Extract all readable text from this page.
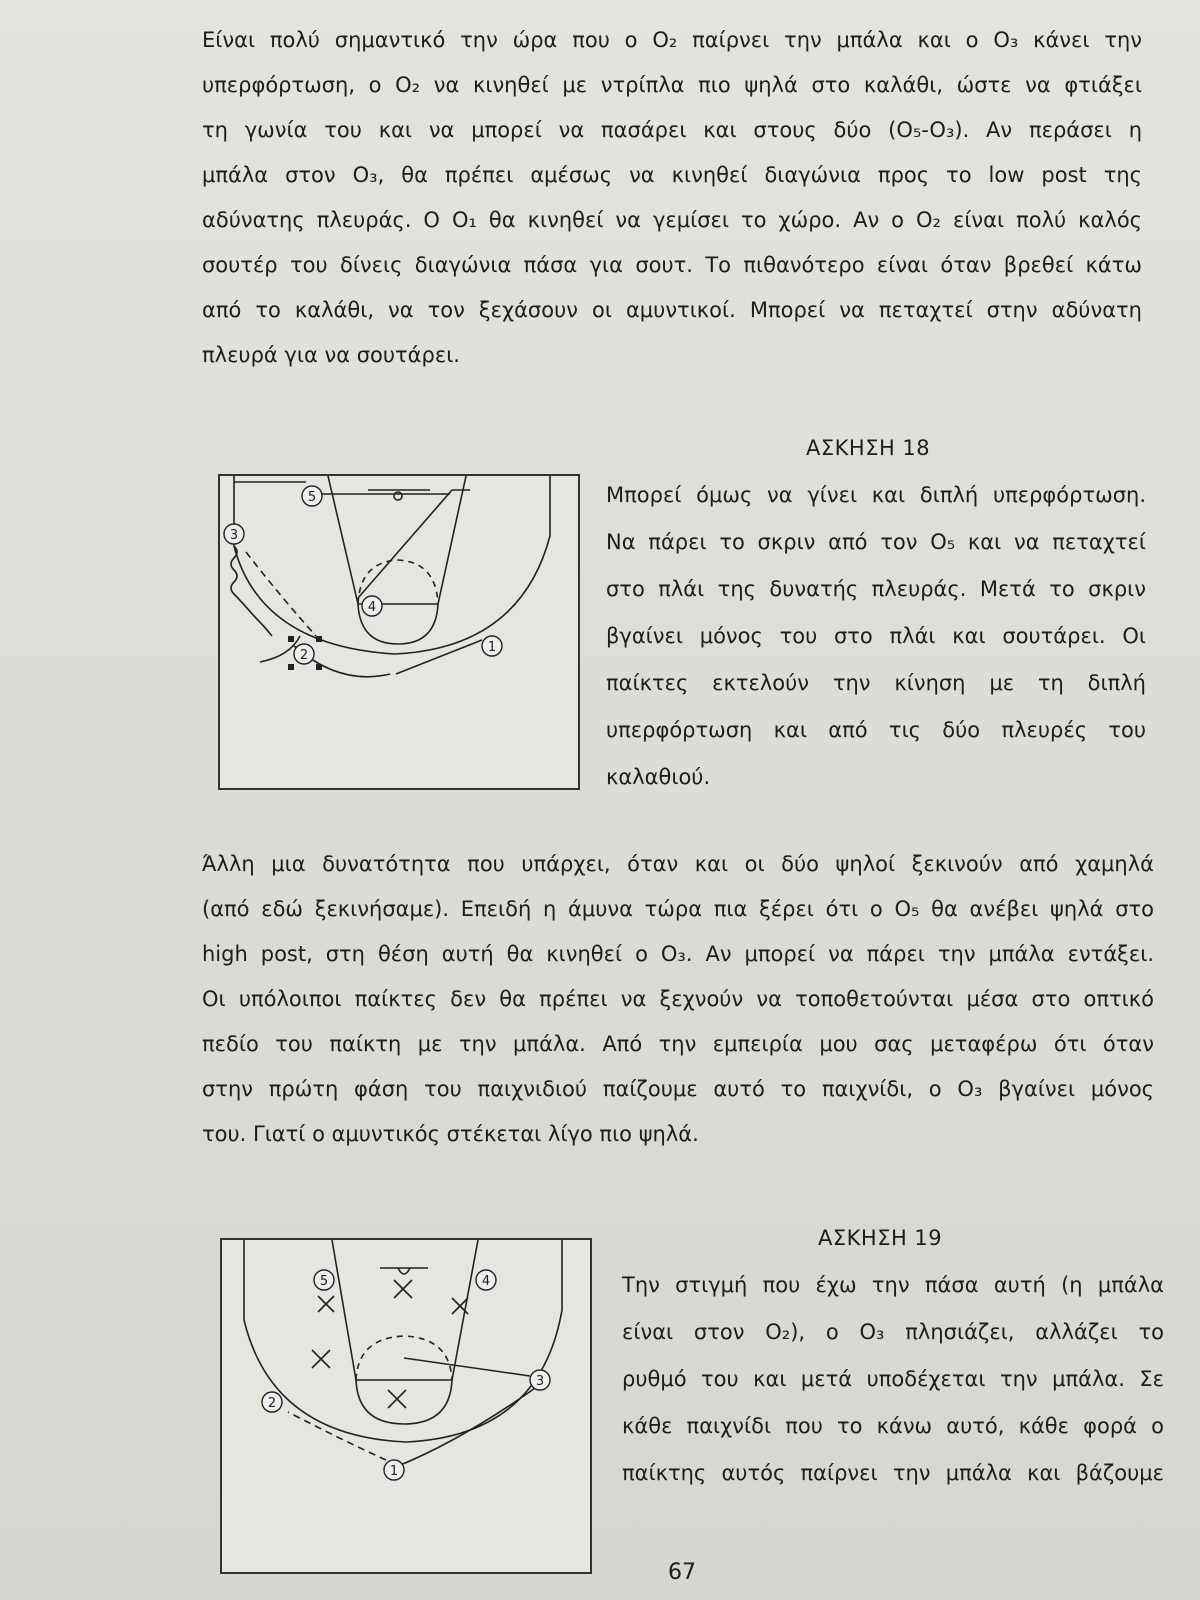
Είναι πολύ σημαντικό την ώρα που ο O₂ παίρνει την μπάλα και ο O₃ κάνει την
υπερφόρτωση, ο O₂ να κινηθεί με ντρίπλα πιο ψηλά στο καλάθι, ώστε να φτιάξει
τη γωνία του και να μπορεί να πασάρει και στους δύο (O₅-O₃). Αν περάσει η
μπάλα στον O₃, θα πρέπει αμέσως να κινηθεί διαγώνια προς το low post της
αδύνατης πλευράς. Ο O₁ θα κινηθεί να γεμίσει το χώρο. Αν ο O₂ είναι πολύ καλός
σουτέρ του δίνεις διαγώνια πάσα για σουτ. Το πιθανότερο είναι όταν βρεθεί κάτω
από το καλάθι, να τον ξεχάσουν οι αμυντικοί. Μπορεί να πεταχτεί στην αδύνατη
πλευρά για να σουτάρει.
ΑΣΚΗΣΗ 18
5
3
4
1
2
Μπορεί όμως να γίνει και διπλή υπερφόρτωση.
Να πάρει το σκριν από τον O₅ και να πεταχτεί
στο πλάι της δυνατής πλευράς. Μετά το σκριν
βγαίνει μόνος του στο πλάι και σουτάρει. Οι
παίκτες εκτελούν την κίνηση με τη διπλή
υπερφόρτωση και από τις δύο πλευρές του
καλαθιού.
Άλλη μια δυνατότητα που υπάρχει, όταν και οι δύο ψηλοί ξεκινούν από χαμηλά
(από εδώ ξεκινήσαμε). Επειδή η άμυνα τώρα πια ξέρει ότι ο O₅ θα ανέβει ψηλά στο
high post, στη θέση αυτή θα κινηθεί ο O₃. Αν μπορεί να πάρει την μπάλα εντάξει.
Οι υπόλοιποι παίκτες δεν θα πρέπει να ξεχνούν να τοποθετούνται μέσα στο οπτικό
πεδίο του παίκτη με την μπάλα. Από την εμπειρία μου σας μεταφέρω ότι όταν
στην πρώτη φάση του παιχνιδιού παίζουμε αυτό το παιχνίδι, ο O₃ βγαίνει μόνος
του. Γιατί ο αμυντικός στέκεται λίγο πιο ψηλά.
ΑΣΚΗΣΗ 19
5	4
3
2
1
Την στιγμή που έχω την πάσα αυτή (η μπάλα
είναι στον O₂), ο O₃ πλησιάζει, αλλάζει το
ρυθμό του και μετά υποδέχεται την μπάλα. Σε
κάθε παιχνίδι που το κάνω αυτό, κάθε φορά ο
παίκτης αυτός παίρνει την μπάλα και βάζουμε
67
